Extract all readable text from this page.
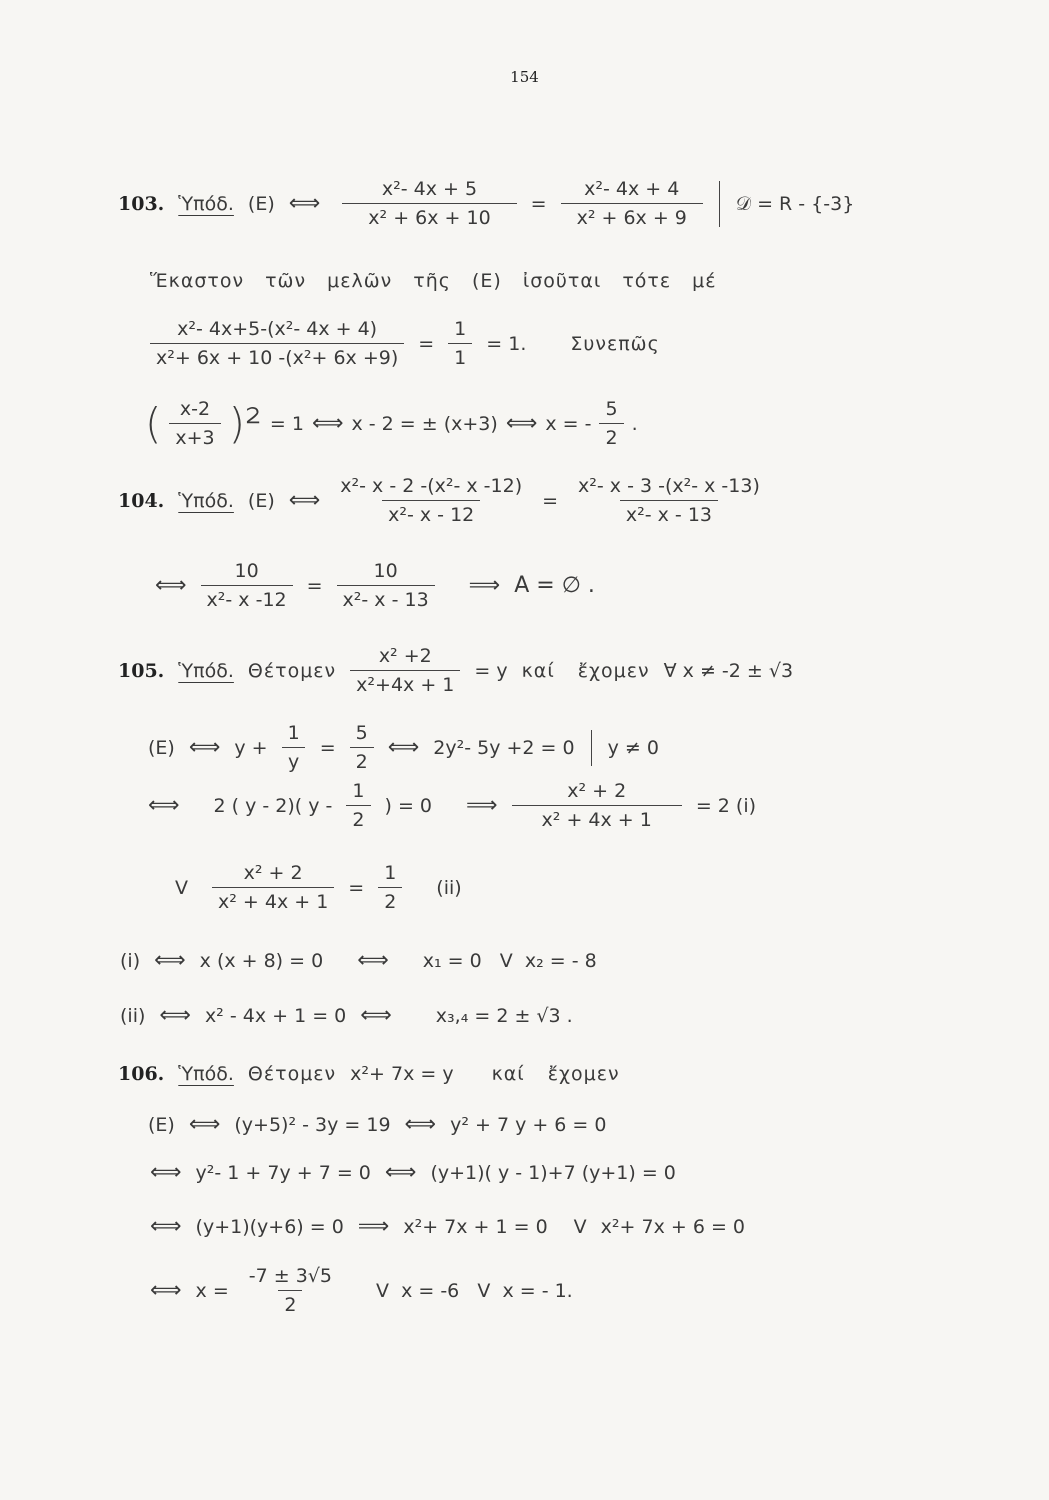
154
103. Ὑπόδ. (E) ⟺ $\frac{\text{x²- 4x + 5}}{\text{x² + 6x + 10}} = \frac{\text{x²- 4x + 4}}{\text{x² + 6x + 9}}$ 𝒟 = R - {-3}
Ἕκαστον τῶν μελῶν τῆς (E) ἰσοῦται τότε μέ
$\frac{\text{x²- 4x+5-(x²- 4x + 4)}}{\text{x²+ 6x + 10 -(x²+ 6x +9)}} = \frac{1}{1} = 1$. Συνεπῶς
( $\frac{x-2}{x+3} )^2 = 1$ ⟺ x - 2 = ± (x+3) ⟺ x = - $\frac{5}{2}$ .
104. Ὑπόδ. (E) ⟺ $\frac{\text{x²- x - 2 -(x²- x -12)}}{\text{x²- x - 12}} = \frac{\text{x²- x - 3 -(x²- x -13)}}{\text{x²- x - 13}}$
⟺ $\frac{10}{\text{x²- x -12}} = \frac{10}{\text{x²- x - 13}}$ ⟹ A = ∅ .
105. Ὑπόδ. Θέτομεν $\frac{\text{x² +2}}{\text{x²+4x + 1}} = y$ καί ἔχομεν ∀ x ≠ -2 ± √3
(E) ⟺ $y + \frac{1}{y} = \frac{5}{2}$ ⟺ 2y²- 5y +2 = 0 y ≠ 0
⟺ 2 ( y - 2)( y - $\frac{1}{2}$ ) = 0 ⟹ $\frac{\text{x² + 2}}{\text{x² + 4x + 1}} = 2$ (i)
V $\frac{\text{x² + 2}}{\text{x² + 4x + 1}} = \frac{1}{2} (ii)$
(i) ⟺ x (x + 8) = 0 ⟺ x₁ = 0   V  x₂ = - 8
(ii) ⟺ x² - 4x + 1 = 0 ⟺ x₃,₄ = 2 ± √3 .
106. Ὑπόδ. Θέτομεν x²+ 7x = y καί ἔχομεν
(E) ⟺ (y+5)² - 3y = 19 ⟺ y² + 7 y + 6 = 0
⟺ y²- 1 + 7y + 7 = 0 ⟺ (y+1)( y - 1)+7 (y+1) = 0
⟺ (y+1)(y+6) = 0 ⟹ x²+ 7x + 1 = 0 V x²+ 7x + 6 = 0
⟺ $x = \frac{-7 \pm 3√5}{2}$ V  x = -6   V  x = - 1.
